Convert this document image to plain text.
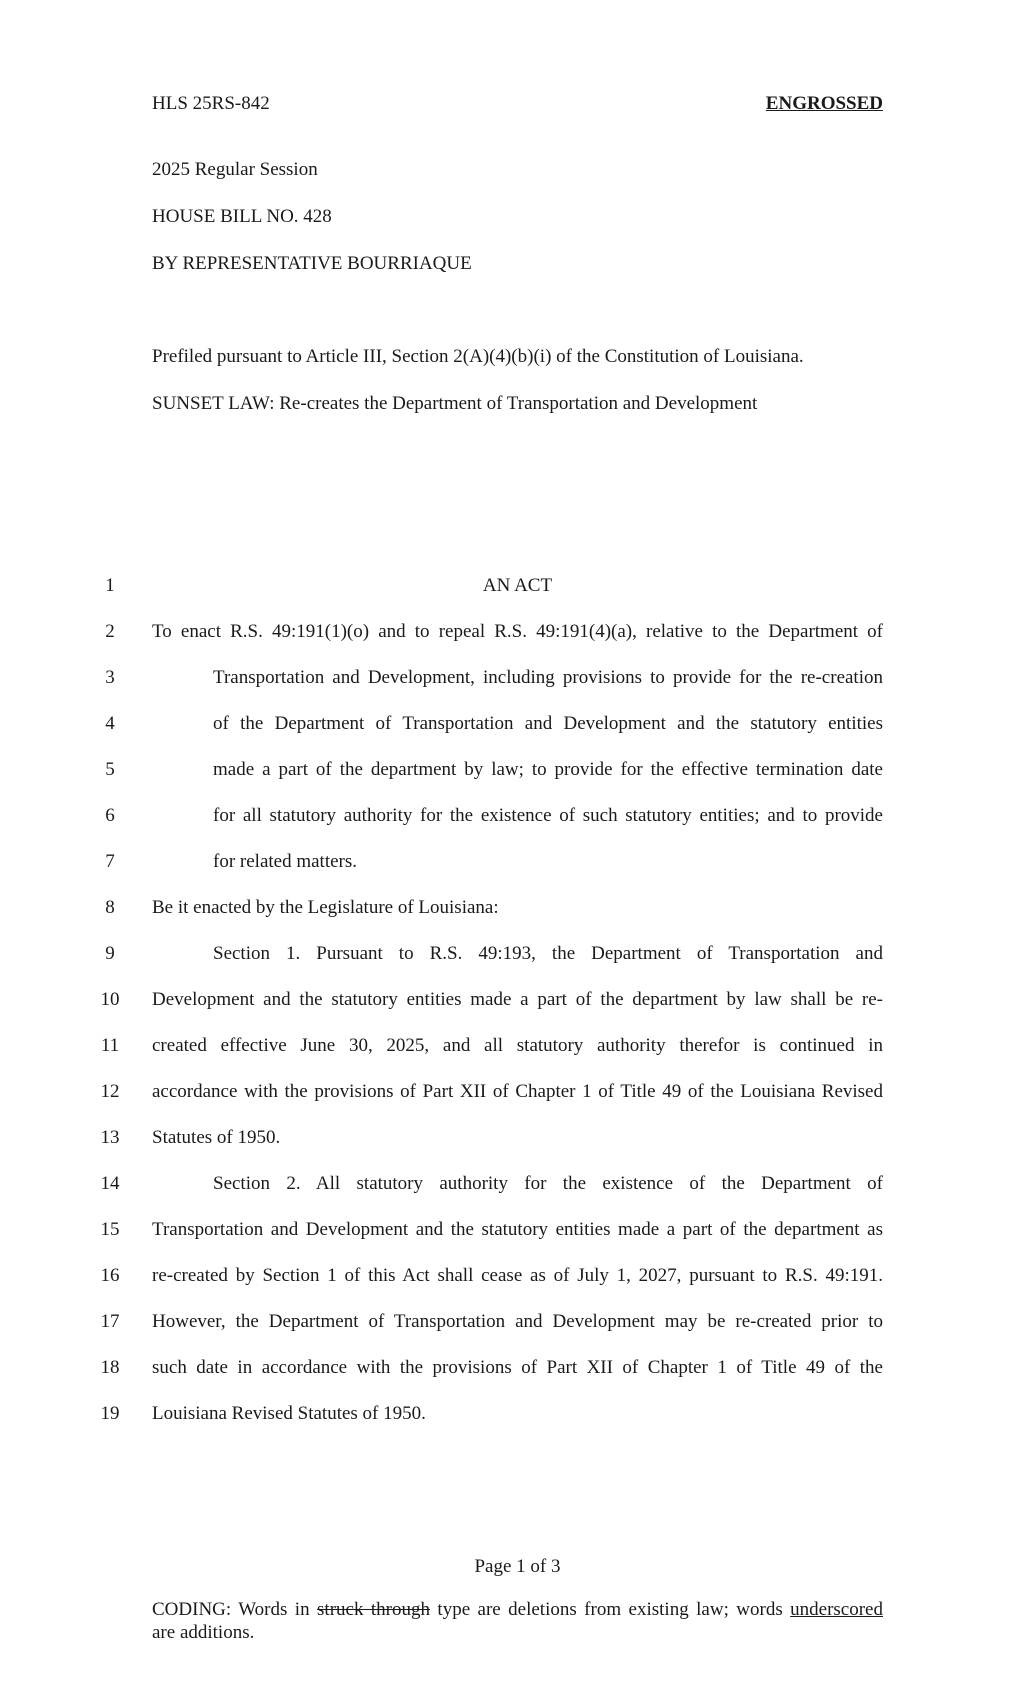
HLS 25RS-842	ENGROSSED
2025 Regular Session
HOUSE BILL NO. 428
BY REPRESENTATIVE BOURRIAQUE
Prefiled pursuant to Article III, Section 2(A)(4)(b)(i) of the Constitution of Louisiana.
SUNSET LAW: Re-creates the Department of Transportation and Development
1	AN ACT
2	To enact R.S. 49:191(1)(o) and to repeal R.S. 49:191(4)(a), relative to the Department of
3	Transportation and Development, including provisions to provide for the re-creation
4	of the Department of Transportation and Development and the statutory entities
5	made a part of the department by law; to provide for the effective termination date
6	for all statutory authority for the existence of such statutory entities; and to provide
7	for related matters.
8	Be it enacted by the Legislature of Louisiana:
9	Section 1. Pursuant to R.S. 49:193, the Department of Transportation and
10	Development and the statutory entities made a part of the department by law shall be re-
11	created effective June 30, 2025, and all statutory authority therefor is continued in
12	accordance with the provisions of Part XII of Chapter 1 of Title 49 of the Louisiana Revised
13	Statutes of 1950.
14	Section 2. All statutory authority for the existence of the Department of
15	Transportation and Development and the statutory entities made a part of the department as
16	re-created by Section 1 of this Act shall cease as of July 1, 2027, pursuant to R.S. 49:191.
17	However, the Department of Transportation and Development may be re-created prior to
18	such date in accordance with the provisions of Part XII of Chapter 1 of Title 49 of the
19	Louisiana Revised Statutes of 1950.
Page 1 of 3
CODING: Words in struck through type are deletions from existing law; words underscored
are additions.
